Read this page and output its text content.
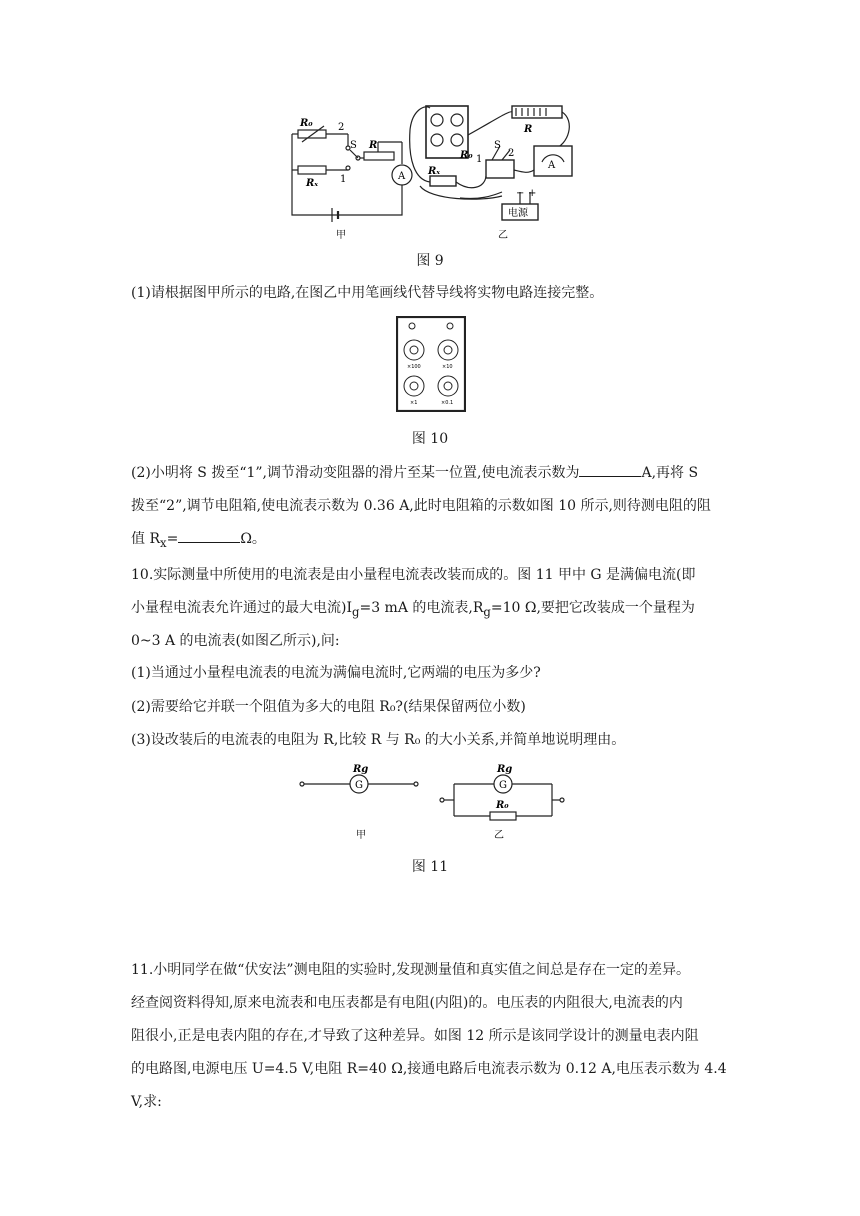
R₀	2
S R
Rₓ 1	A
R₀
R
S
1
2
A
Rₓ
− +
电源
甲	乙
图 9
(1)请根据图甲所示的电路,在图乙中用笔画线代替导线将实物电路连接完整。
×100	×10
×1	×0.1
图 10
(2)小明将 S 拨至“1”,调节滑动变阻器的滑片至某一位置,使电流表示数为	A,再将 S
拨至“2”,调节电阻箱,使电流表示数为 0.36 A,此时电阻箱的示数如图 10 所示,则待测电阻的阻
值 $R_x=$	Ω。
10.实际测量中所使用的电流表是由小量程电流表改装而成的。图 11 甲中 G 是满偏电流(即
小量程电流表允许通过的最大电流)$I_g=3$ mA 的电流表$,R_g=10$ Ω,要把它改装成一个量程为
0~3 A 的电流表(如图乙所示),问:
(1)当通过小量程电流表的电流为满偏电流时,它两端的电压为多少?
(2)需要给它并联一个阻值为多大的电阻 R₀?(结果保留两位小数)
(3)设改装后的电流表的电阻为 R,比较 R 与 R₀ 的大小关系,并简单地说明理由。
Rg
G
Rg
G
R₀
甲	乙
图 11
11.小明同学在做“伏安法”测电阻的实验时,发现测量值和真实值之间总是存在一定的差异。
经查阅资料得知,原来电流表和电压表都是有电阻(内阻)的。电压表的内阻很大,电流表的内
阻很小,正是电表内阻的存在,才导致了这种差异。如图 12 所示是该同学设计的测量电表内阻
的电路图,电源电压 U=4.5 V,电阻 R=40 Ω,接通电路后电流表示数为 0.12 A,电压表示数为 4.4
V,求:
